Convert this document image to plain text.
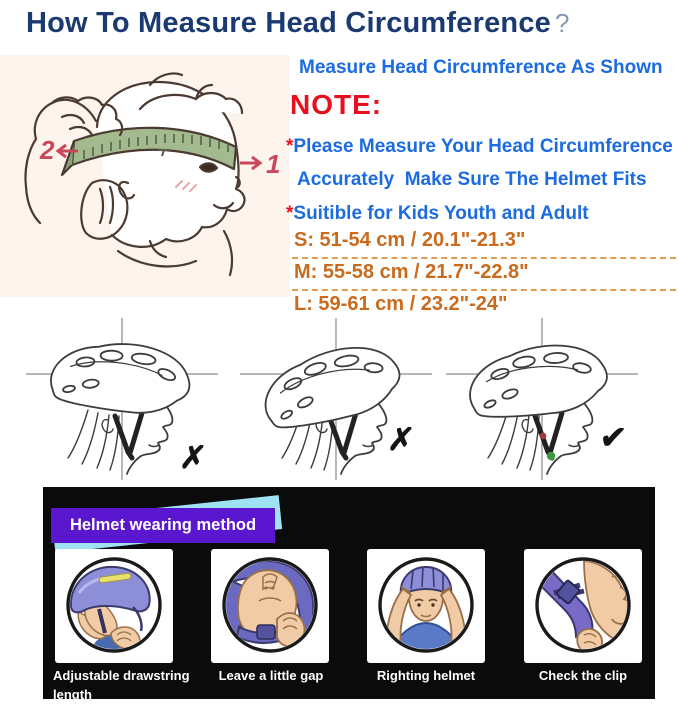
How To Measure Head Circumference ?
2	1
Measure Head Circumference As Shown
NOTE:
*Please Measure Your Head Circumference
Accurately  Make Sure The Helmet Fits
*Suitible for Kids Youth and Adult
S: 51-54 cm / 20.1"-21.3"
M: 55-58 cm / 21.7"-22.8"
L: 59-61 cm / 23.2"-24"
✗
✗	✔
Helmet wearing method
Adjustable drawstring length
Leave a little gap	Righting helmet	Check the clip
